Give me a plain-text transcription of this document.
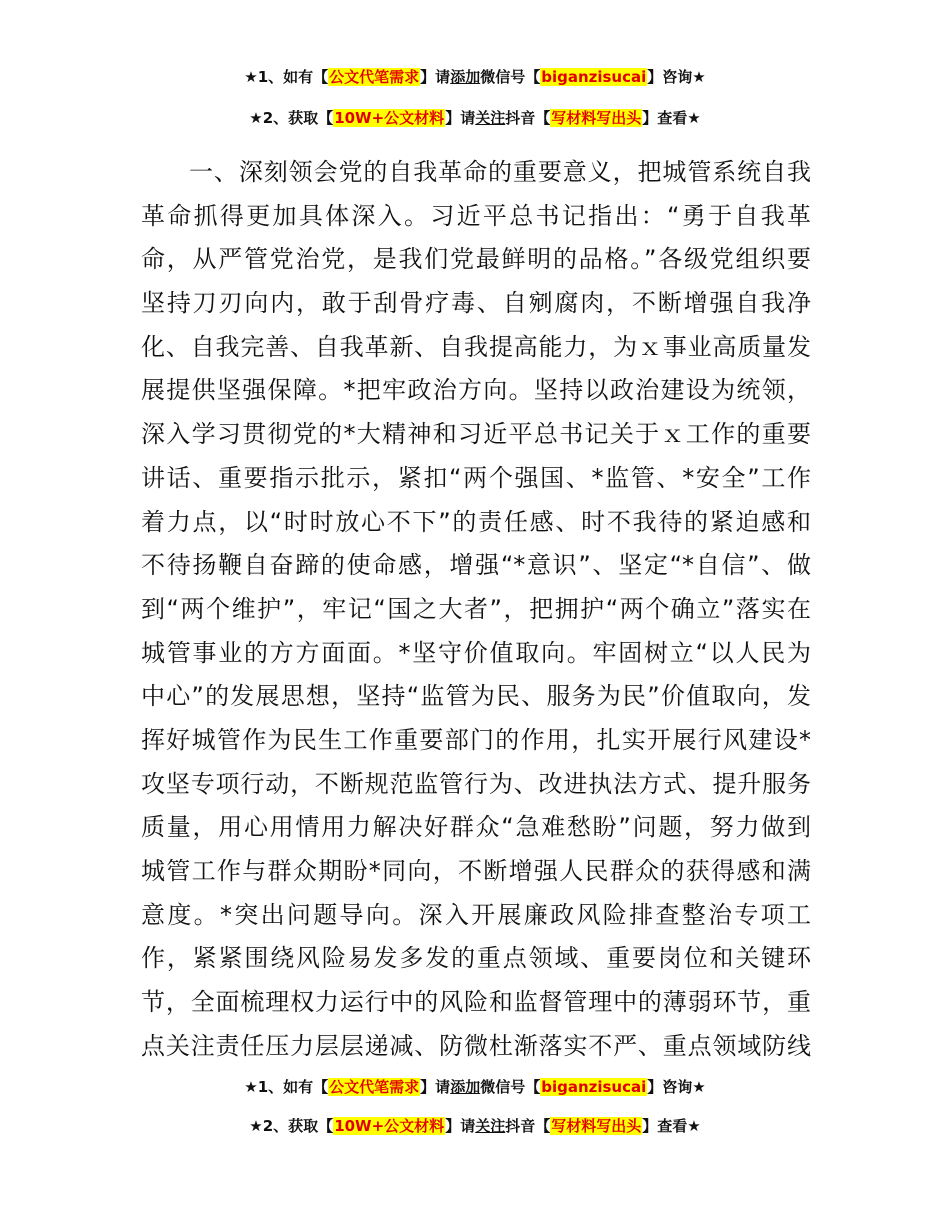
★1、如有【公文代笔需求】请添加微信号【biganzisucai】咨询★
★2、获取【10W+公文材料】请关注抖音【写材料写出头】查看★
一、深刻领会党的自我革命的重要意义，把城管系统自我
革命抓得更加具体深入。习近平总书记指出：“勇于自我革
命，从严管党治党，是我们党最鲜明的品格。”各级党组织要
坚持刀刃向内，敢于刮骨疗毒、自剜腐肉，不断增强自我净
化、自我完善、自我革新、自我提高能力，为ｘ事业高质量发
展提供坚强保障。*把牢政治方向。坚持以政治建设为统领，
深入学习贯彻党的*大精神和习近平总书记关于ｘ工作的重要
讲话、重要指示批示，紧扣“两个强国、*监管、*安全”工作
着力点，以“时时放心不下”的责任感、时不我待的紧迫感和
不待扬鞭自奋蹄的使命感，增强“*意识”、坚定“*自信”、做
到“两个维护”，牢记“国之大者”，把拥护“两个确立”落实在
城管事业的方方面面。*坚守价值取向。牢固树立“以人民为
中心”的发展思想，坚持“监管为民、服务为民”价值取向，发
挥好城管作为民生工作重要部门的作用，扎实开展行风建设*
攻坚专项行动，不断规范监管行为、改进执法方式、提升服务
质量，用心用情用力解决好群众“急难愁盼”问题，努力做到
城管工作与群众期盼*同向，不断增强人民群众的获得感和满
意度。*突出问题导向。深入开展廉政风险排查整治专项工
作，紧紧围绕风险易发多发的重点领域、重要岗位和关键环
节，全面梳理权力运行中的风险和监督管理中的薄弱环节，重
点关注责任压力层层递减、防微杜渐落实不严、重点领域防线
★1、如有【公文代笔需求】请添加微信号【biganzisucai】咨询★
★2、获取【10W+公文材料】请关注抖音【写材料写出头】查看★
